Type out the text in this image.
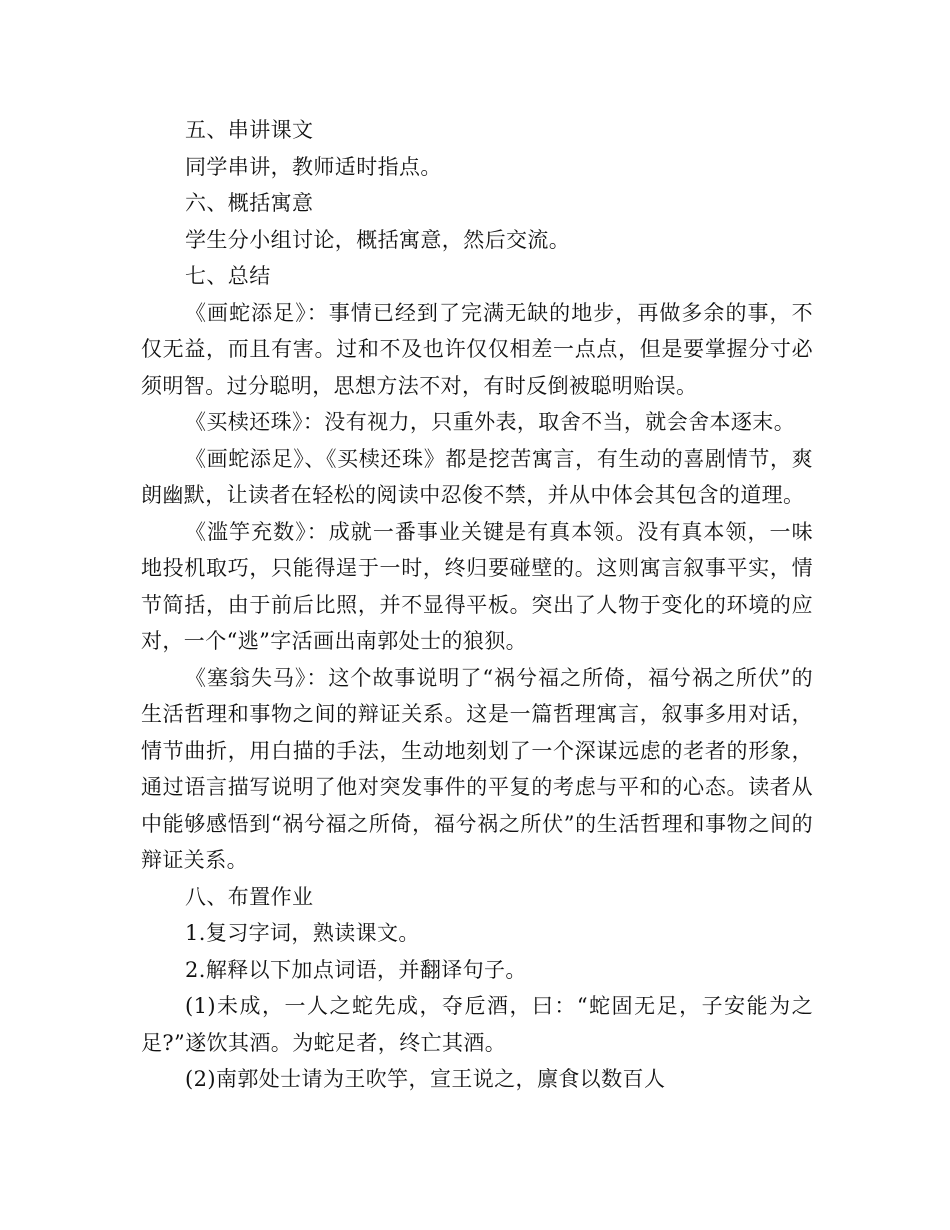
五、串讲课文

同学串讲，教师适时指点。

六、概括寓意

学生分小组讨论，概括寓意，然后交流。

七、总结

《画蛇添足》：事情已经到了完满无缺的地步，再做多余的事，不仅无益，而且有害。过和不及也许仅仅相差一点点，但是要掌握分寸必须明智。过分聪明，思想方法不对，有时反倒被聪明贻误。

《买椟还珠》：没有视力，只重外表，取舍不当，就会舍本逐末。

《画蛇添足》、《买椟还珠》都是挖苦寓言，有生动的喜剧情节，爽朗幽默，让读者在轻松的阅读中忍俊不禁，并从中体会其包含的道理。

《滥竽充数》：成就一番事业关键是有真本领。没有真本领，一味地投机取巧，只能得逞于一时，终归要碰壁的。这则寓言叙事平实，情节简括，由于前后比照，并不显得平板。突出了人物于变化的环境的应对，一个“逃”字活画出南郭处士的狼狈。

《塞翁失马》：这个故事说明了“祸兮福之所倚，福兮祸之所伏”的生活哲理和事物之间的辩证关系。这是一篇哲理寓言，叙事多用对话，情节曲折，用白描的手法，生动地刻划了一个深谋远虑的老者的形象，通过语言描写说明了他对突发事件的平复的考虑与平和的心态。读者从中能够感悟到“祸兮福之所倚，福兮祸之所伏”的生活哲理和事物之间的辩证关系。

八、布置作业

1.复习字词，熟读课文。

2.解释以下加点词语，并翻译句子。

(1)未成，一人之蛇先成，夺卮酒，曰：“蛇固无足，子安能为之足?”遂饮其酒。为蛇足者，终亡其酒。

(2)南郭处士请为王吹竽，宣王说之，廪食以数百人
